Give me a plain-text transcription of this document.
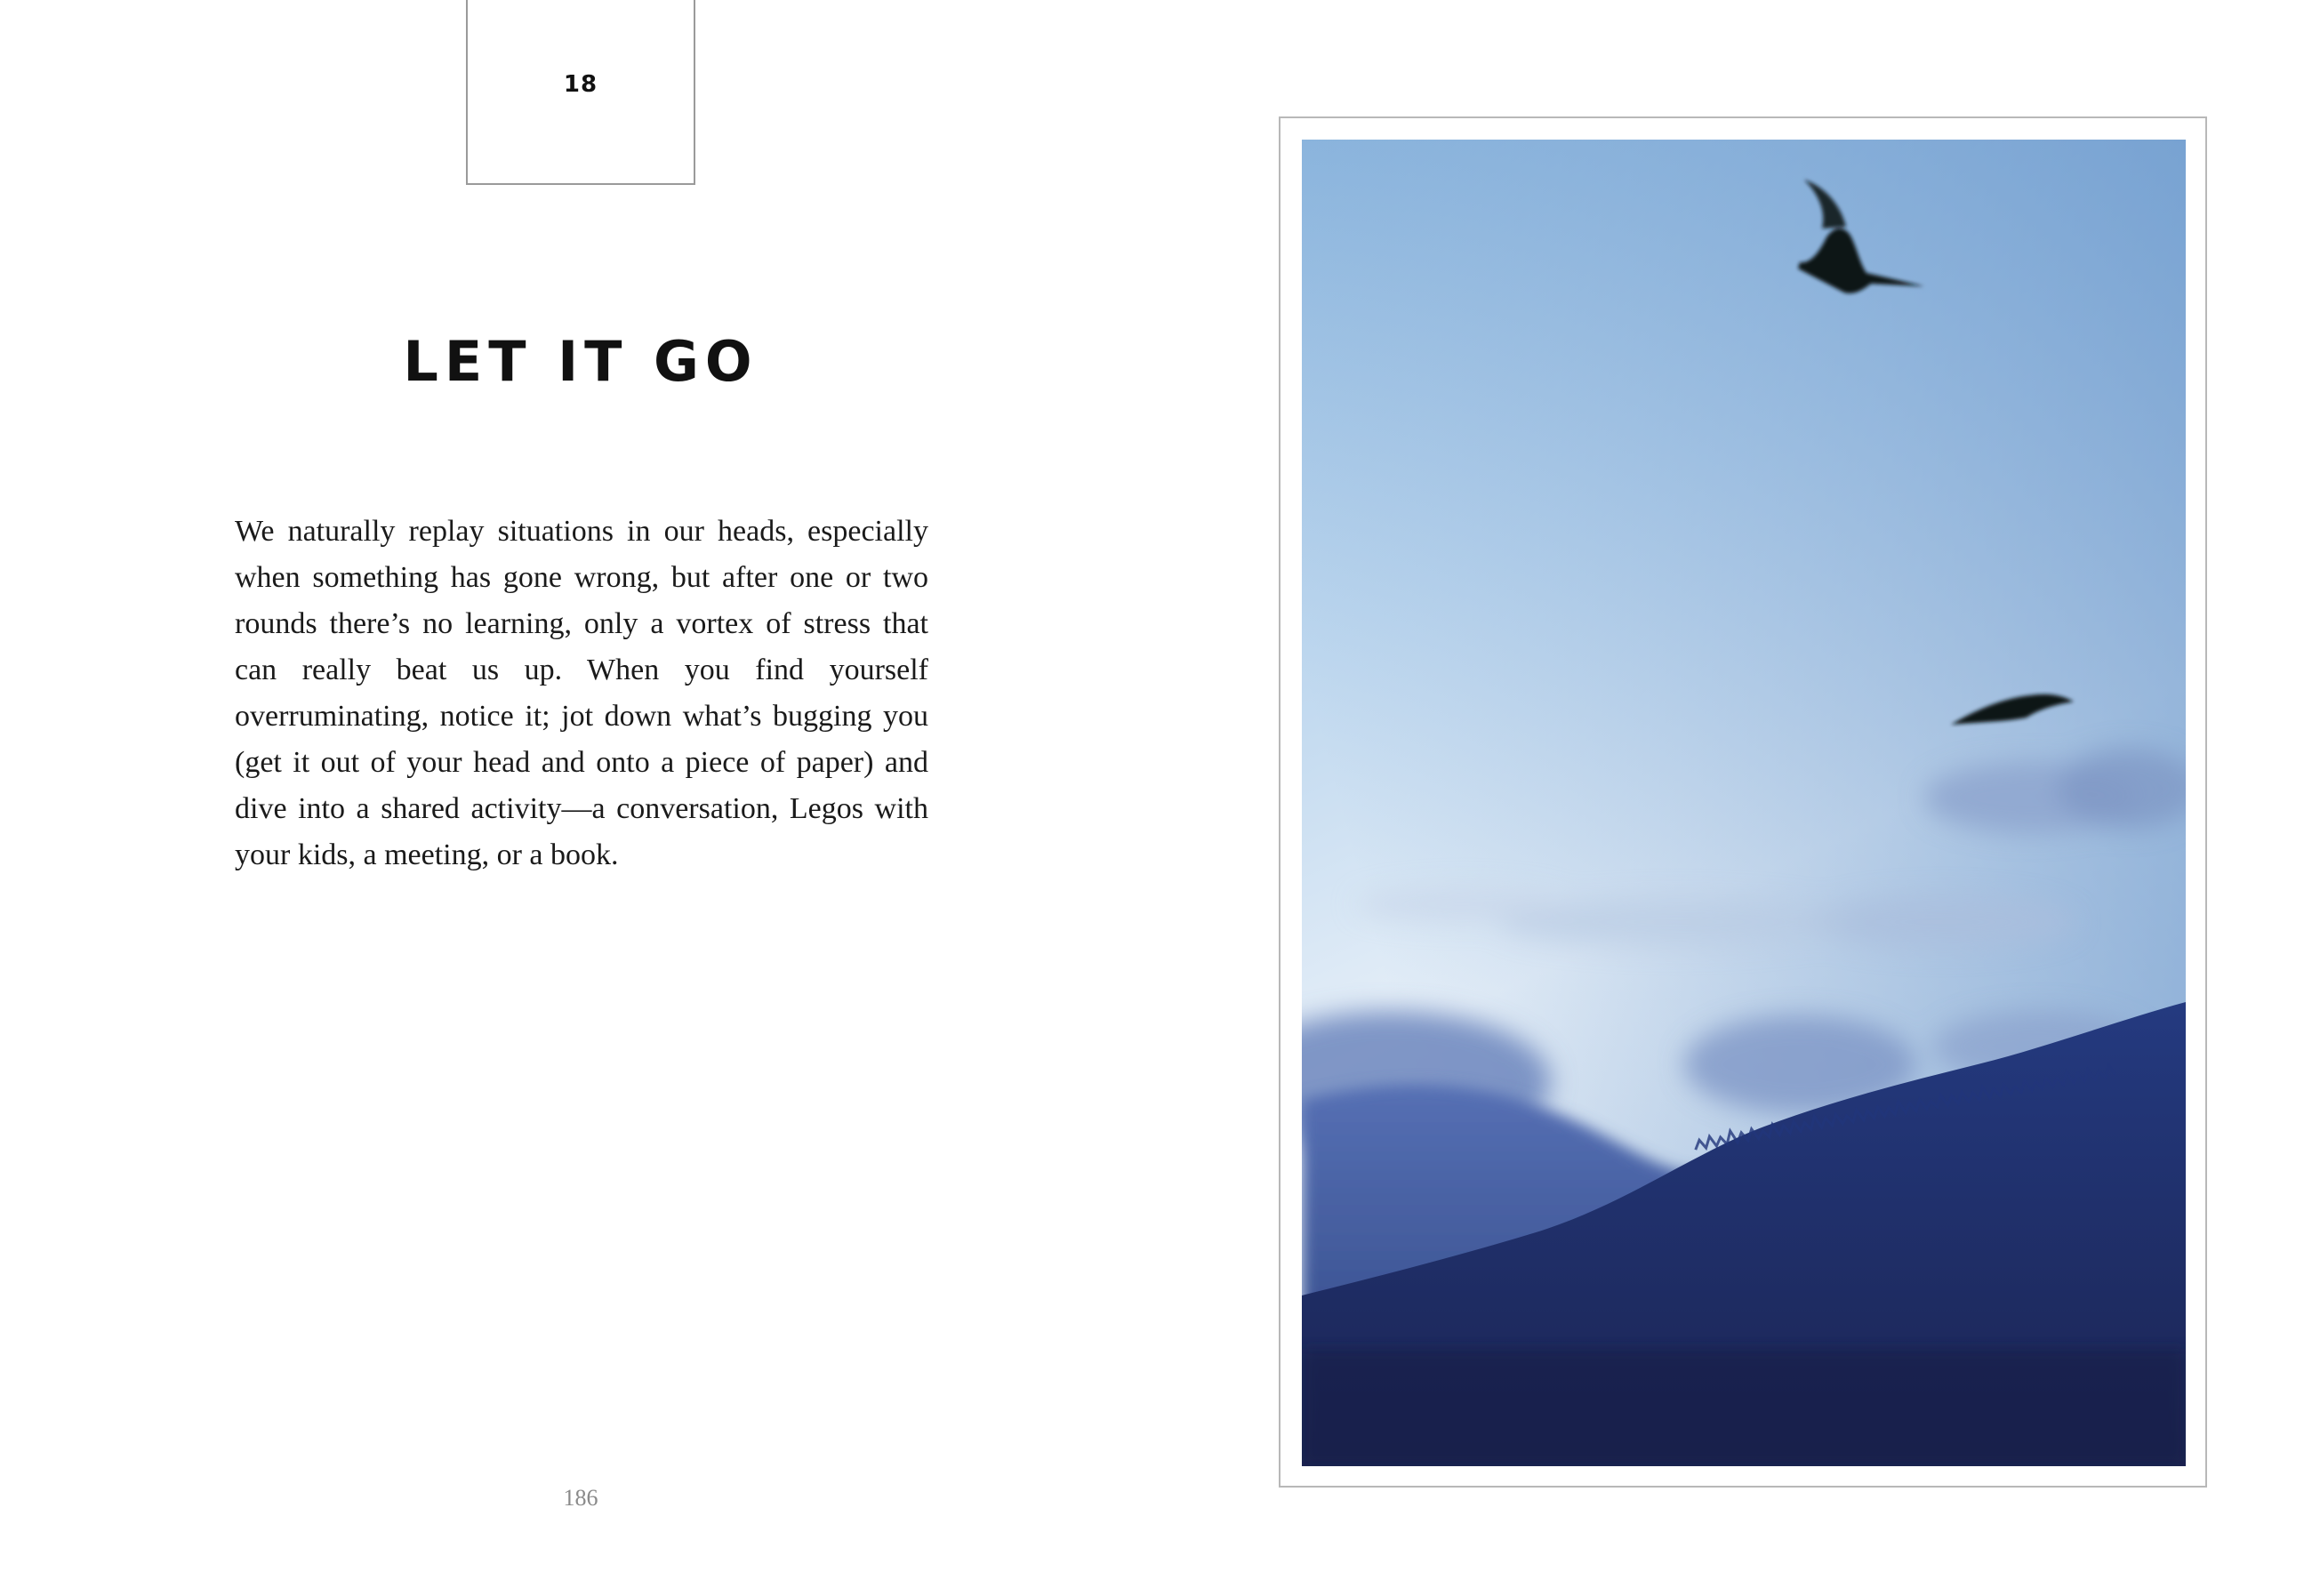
18
LET IT GO

We naturally replay situations in our heads, especially when something has gone wrong, but after one or two rounds there’s no learning, only a vortex of stress that can really beat us up. When you find yourself overruminating, notice it; jot down what’s bugging you (get it out of your head and onto a piece of paper) and dive into a shared activity—a conversation, Legos with your kids, a meeting, or a book.

186
